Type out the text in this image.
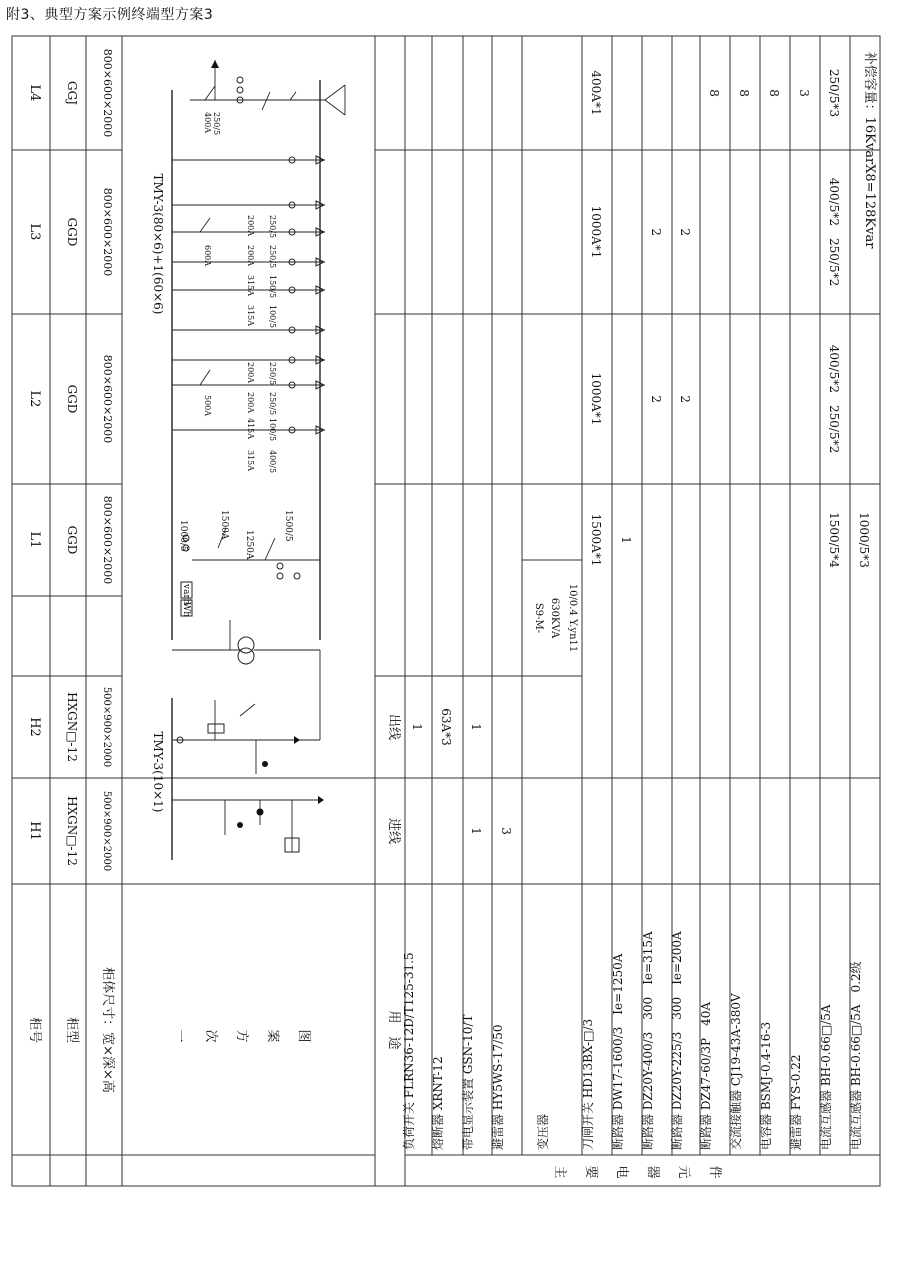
附3、典型方案示例终端型方案3
柜号 柜型 柜体尺寸：宽×深×高
H1
H2
L1
L2
L3
L4
HXGN□-12
HXGN□-12
GGD
GGD
GGD
GGJ
500×900×2000
500×900×2000
800×600×2000
800×600×2000
800×600×2000
800×600×2000
用　途
进线
出线
一 次 方 案 图
主 要 电 器 元 件
负荷开关 FLRN36-12D/T125-31.5
1
熔断器 XRNT-12
63A*3
带电显示装置 GSN-10/T
1
1
避雷器 HY5WS-17/50
3
变压器	刀闸开关 HD13BX-□/3
1500A*1
1000A*1
1000A*1
400A*1
断路器 DW17-1600/3　Ie=1250A
1
断路器 DZ20Y-400/3　300　Ie=315A
2
2
断路器 DZ20Y-225/3　300　Ie=200A
2
2
断路器 DZ47-60/3P　40A
8
交流接触器 CJ19-43A-380V
8
电容器 BSMJ-0.4-16-3
8
避雷器 FYS-0.22
3
电流互感器 BH-0.66□/5A
1500/5*4
400/5*2　250/5*2
400/5*2　250/5*2
250/5*3
电流互感器 BH-0.66□/5A　0.2级
1000/5*3
S9-M- 630KVA 10/0.4 Y.yn11
补偿容量：16KvarX8=128Kvar
TMY-3(10×1)
TMY-3(80×6)+1(60×6)
Wh
varh
1000/5	1500A
1250A
1500/5
500A
315A
415A
200A
200A
400/5
100/5
250/5
250/5
600A
315A
315A
200A
200A
100/5
150/5
250/5
250/5
400A 250/5
